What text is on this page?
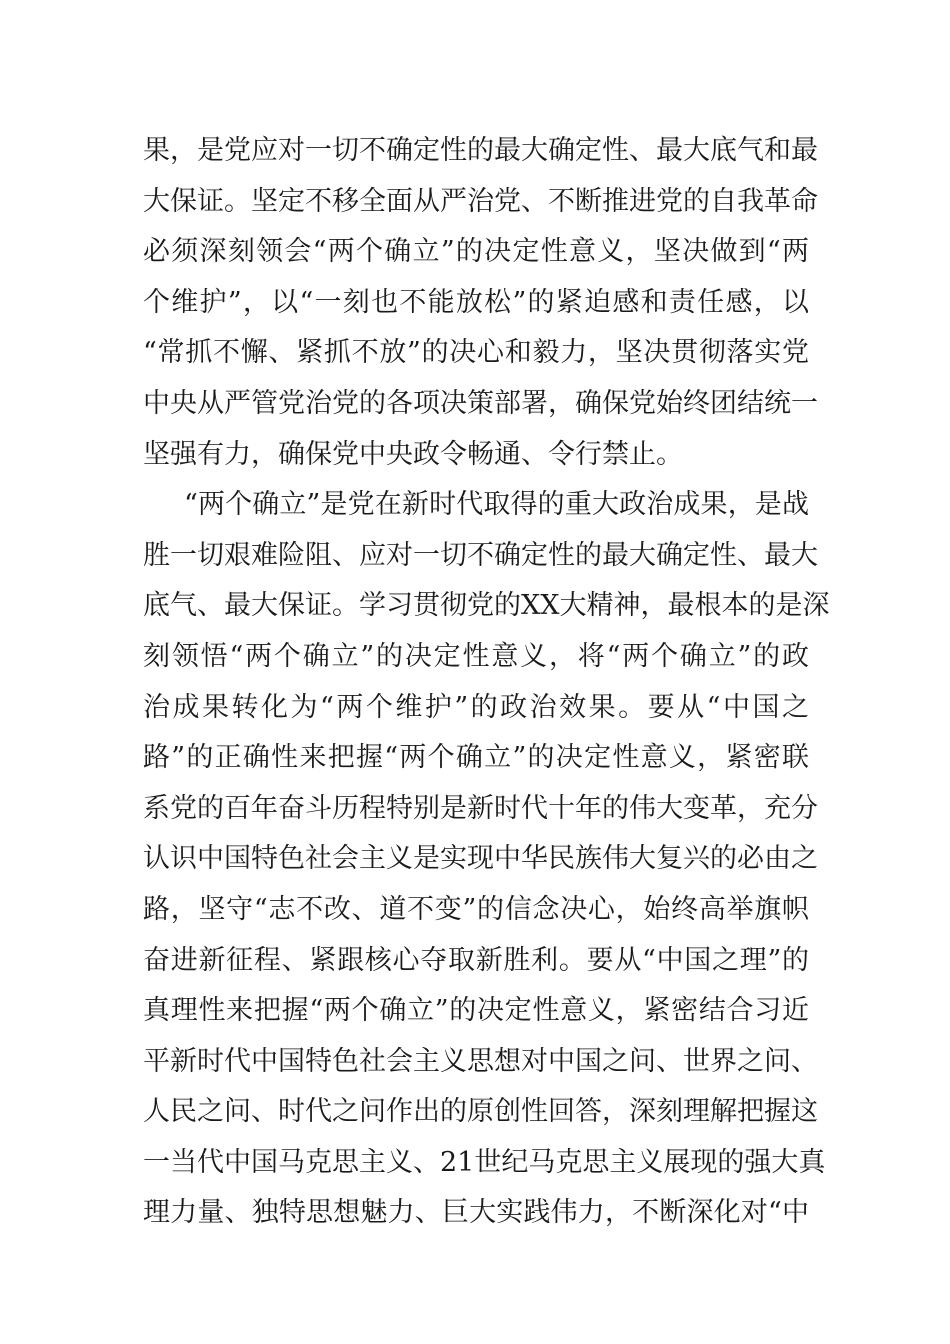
果，是党应对一切不确定性的最大确定性、最大底气和最
大保证。坚定不移全面从严治党、不断推进党的自我革命
必须深刻领会“两个确立”的决定性意义，坚决做到“两
个维护”，以“一刻也不能放松”的紧迫感和责任感，以
“常抓不懈、紧抓不放”的决心和毅力，坚决贯彻落实党
中央从严管党治党的各项决策部署，确保党始终团结统一
坚强有力，确保党中央政令畅通、令行禁止。
“两个确立”是党在新时代取得的重大政治成果，是战
胜一切艰难险阻、应对一切不确定性的最大确定性、最大
底气、最大保证。学习贯彻党的XX大精神，最根本的是深
刻领悟“两个确立”的决定性意义，将“两个确立”的政
治成果转化为“两个维护”的政治效果。要从“中国之
路”的正确性来把握“两个确立”的决定性意义，紧密联
系党的百年奋斗历程特别是新时代十年的伟大变革，充分
认识中国特色社会主义是实现中华民族伟大复兴的必由之
路，坚守“志不改、道不变”的信念决心，始终高举旗帜
奋进新征程、紧跟核心夺取新胜利。要从“中国之理”的
真理性来把握“两个确立”的决定性意义，紧密结合习近
平新时代中国特色社会主义思想对中国之问、世界之问、
人民之问、时代之问作出的原创性回答，深刻理解把握这
一当代中国马克思主义、21世纪马克思主义展现的强大真
理力量、独特思想魅力、巨大实践伟力，不断深化对“中
